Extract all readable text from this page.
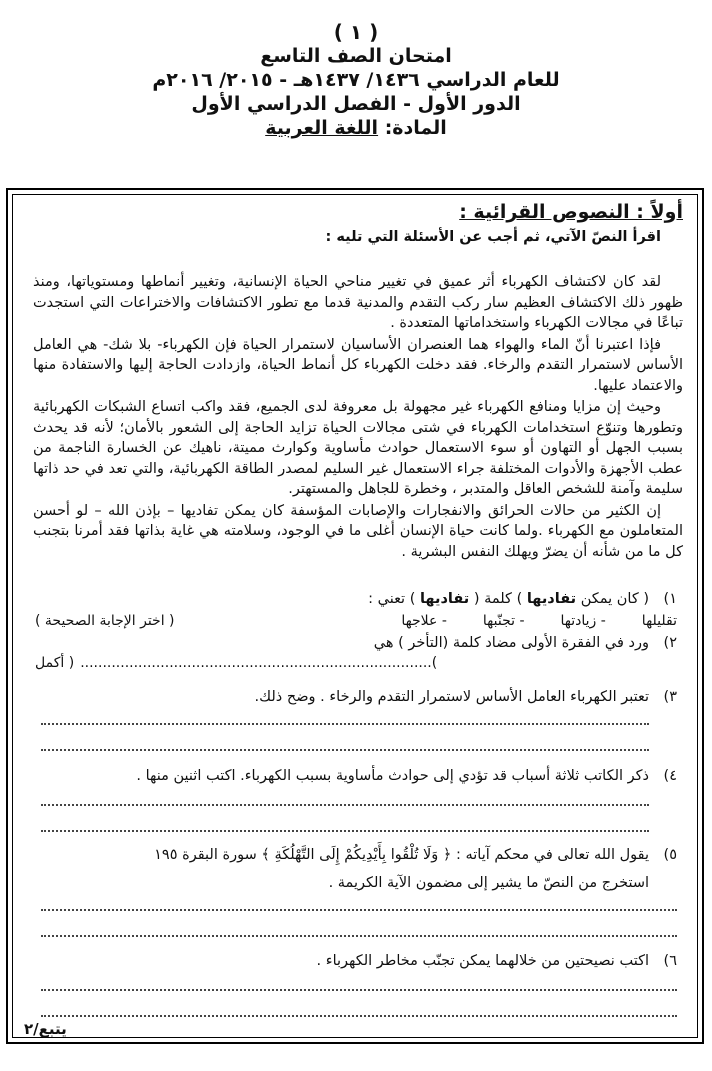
( ١ )
امتحان الصف التاسع
للعام الدراسي ١٤٣٦/ ١٤٣٧هـ - ٢٠١٥/ ٢٠١٦م
الدور الأول - الفصل الدراسي الأول
المادة: اللغة العربية

أولاً : النصوص القرائية :

اقرأ النصّ الآتي، ثم أجب عن الأسئلة التي تليه :

لقد كان لاكتشاف الكهرباء أثر عميق في تغيير مناحي الحياة الإنسانية، وتغيير أنماطها ومستوياتها، ومنذ ظهور ذلك الاكتشاف العظيم سار ركب التقدم والمدنية قدما مع تطور الاكتشافات والاختراعات التي استجدت تباعًا في مجالات الكهرباء واستخداماتها المتعددة .

فإذا اعتبرنا أنّ الماء والهواء هما العنصران الأساسيان لاستمرار الحياة فإن الكهرباء- بلا شك- هي العامل الأساس لاستمرار التقدم والرخاء. فقد دخلت الكهرباء كل أنماط الحياة، وازدادت الحاجة إليها والاستفادة منها والاعتماد عليها.

وحيث إن مزايا ومنافع الكهرباء غير مجهولة بل معروفة لدى الجميع، فقد واكب اتساع الشبكات الكهربائية وتطورها وتنوّع استخدامات الكهرباء في شتى مجالات الحياة تزايد الحاجة إلى الشعور بالأمان؛ لأنه قد يحدث بسبب الجهل أو التهاون أو سوء الاستعمال حوادث مأساوية وكوارث مميتة، ناهيك عن الخسارة الناجمة من عطب الأجهزة والأدوات المختلفة جراء الاستعمال غير السليم لمصدر الطاقة الكهربائية، والتي تعد في حد ذاتها سليمة وآمنة للشخص العاقل والمتدبر ، وخطرة للجاهل والمستهتر.

إن الكثير من حالات الحرائق والانفجارات والإصابات المؤسفة كان يمكن تفاديها – بإذن الله – لو أحسن المتعاملون مع الكهرباء .ولما كانت حياة الإنسان أغلى ما في الوجود، وسلامته هي غاية بذاتها فقد أمرنا بتجنب كل ما من شأنه أن يضرّ ويهلك النفس البشرية .

١)
( كان يمكن تفاديها ) كلمة ( تفاديها ) تعني :
تقليلها
- زيادتها
- تجنّبها
- علاجها
( اختر الإجابة الصحيحة )
٢)
ورد في الفقرة الأولى مضاد كلمة (التأخر ) هي
أكمل ) ...............................................................................(
٣)
تعتبر الكهرباء العامل الأساس لاستمرار التقدم والرخاء . وضح ذلك.
٤)
ذكر الكاتب ثلاثة أسباب قد تؤدي إلى حوادث مأساوية بسبب الكهرباء. اكتب اثنين منها .
٥)
يقول الله تعالى في محكم آياته : ﴿ وَلَا تُلْقُوا بِأَيْدِيكُمْ إِلَى التَّهْلُكَةِ ﴾ سورة البقرة ١٩٥
استخرج من النصّ ما يشير إلى مضمون الآية الكريمة .
٦)
اكتب نصيحتين من خلالهما يمكن تجنّب مخاطر الكهرباء .
يتبع/٢
